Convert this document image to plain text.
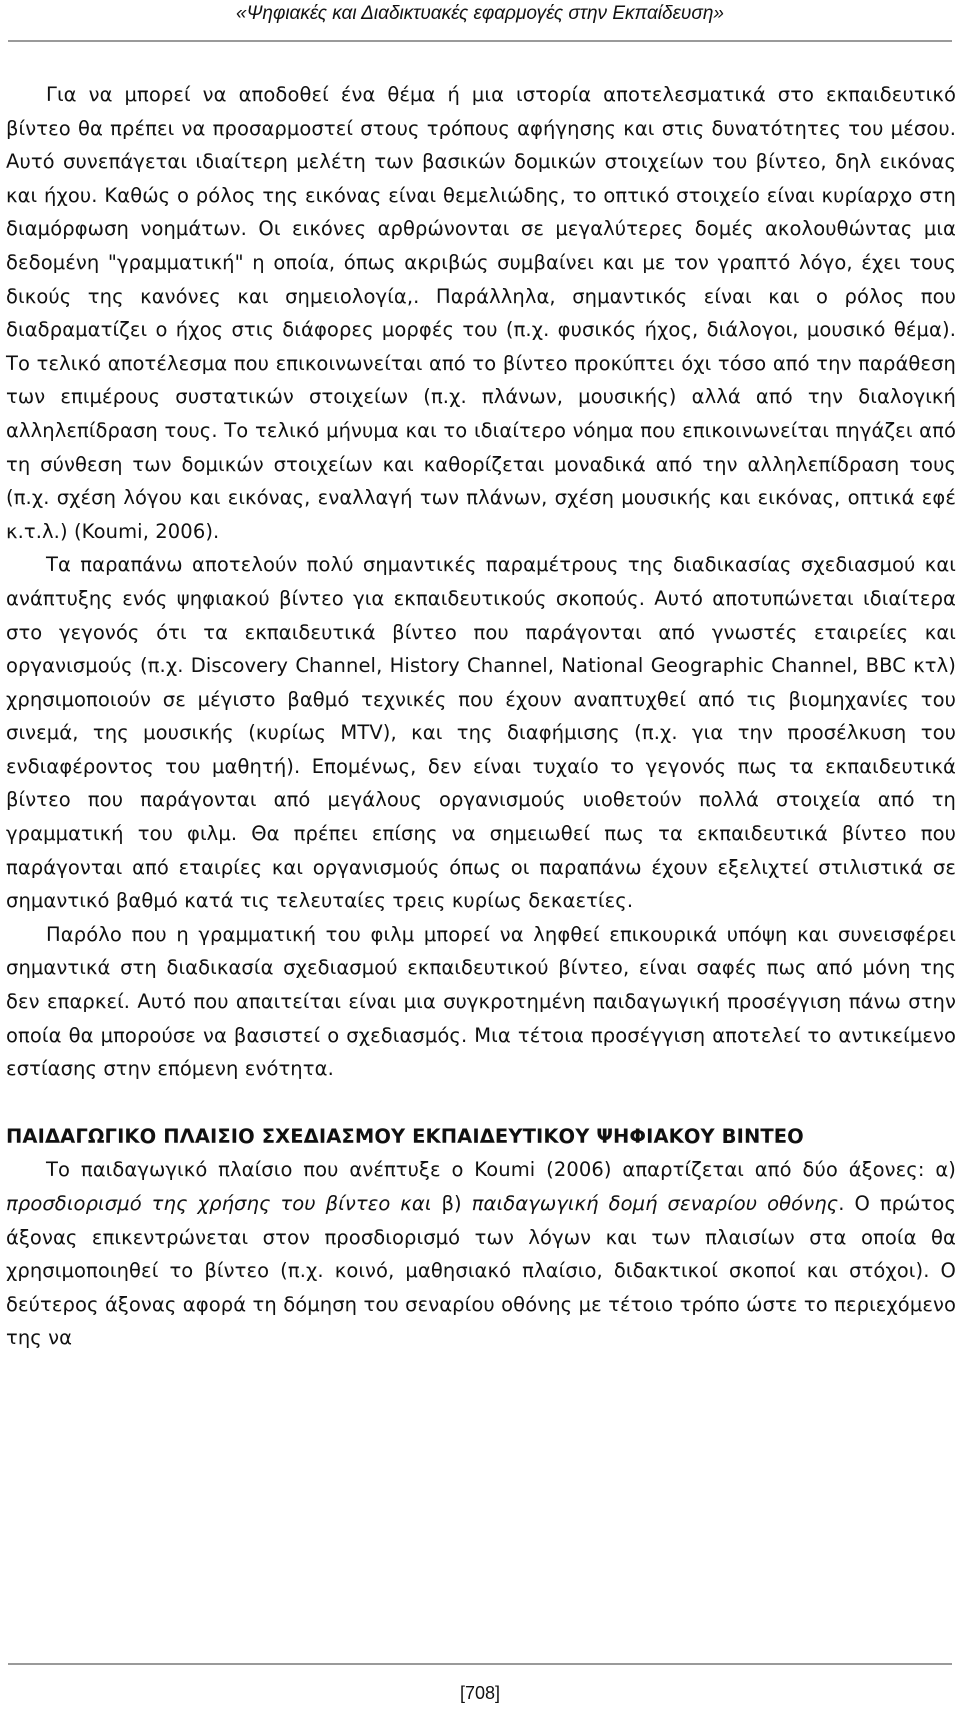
«Ψηφιακές και Διαδικτυακές εφαρμογές στην Εκπαίδευση»

Για να μπορεί να αποδοθεί ένα θέμα ή μια ιστορία αποτελεσματικά στο εκπαιδευτικό βίντεο θα πρέπει να προσαρμοστεί στους τρόπους αφήγησης και στις δυνατότητες του μέσου. Αυτό συνεπάγεται ιδιαίτερη μελέτη των βασικών δομικών στοιχείων του βίντεο, δηλ εικόνας και ήχου. Καθώς ο ρόλος της εικόνας είναι θεμελιώδης, το οπτικό στοιχείο είναι κυρίαρχο στη διαμόρφωση νοημάτων. Οι εικόνες αρθρώνονται σε μεγαλύτερες δομές ακολουθώντας μια δεδομένη "γραμματική" η οποία, όπως ακριβώς συμβαίνει και με τον γραπτό λόγο, έχει τους δικούς της κανόνες και σημειολογία,. Παράλληλα, σημαντικός είναι και ο ρόλος που διαδραματίζει ο ήχος στις διάφορες μορφές του (π.χ. φυσικός ήχος, διάλογοι, μουσικό θέμα). Το τελικό αποτέλεσμα που επικοινωνείται από το βίντεο προκύπτει όχι τόσο από την παράθεση των επιμέρους συστατικών στοιχείων (π.χ. πλάνων, μουσικής) αλλά από την διαλογική αλληλεπίδραση τους. Το τελικό μήνυμα και το ιδιαίτερο νόημα που επικοινωνείται πηγάζει από τη σύνθεση των δομικών στοιχείων και καθορίζεται μοναδικά από την αλληλεπίδραση τους (π.χ. σχέση λόγου και εικόνας, εναλλαγή των πλάνων, σχέση μουσικής και εικόνας, οπτικά εφέ κ.τ.λ.) (Koumi, 2006).

Τα παραπάνω αποτελούν πολύ σημαντικές παραμέτρους της διαδικασίας σχεδιασμού και ανάπτυξης ενός ψηφιακού βίντεο για εκπαιδευτικούς σκοπούς. Αυτό αποτυπώνεται ιδιαίτερα στο γεγονός ότι τα εκπαιδευτικά βίντεο που παράγονται από γνωστές εταιρείες και οργανισμούς (π.χ. Discovery Channel, History Channel, National Geographic Channel, BBC κτλ) χρησιμοποιούν σε μέγιστο βαθμό τεχνικές που έχουν αναπτυχθεί από τις βιομηχανίες του σινεμά, της μουσικής (κυρίως MTV), και της διαφήμισης (π.χ. για την προσέλκυση του ενδιαφέροντος του μαθητή). Επομένως, δεν είναι τυχαίο το γεγονός πως τα εκπαιδευτικά βίντεο που παράγονται από μεγάλους οργανισμούς υιοθετούν πολλά στοιχεία από τη γραμματική του φιλμ. Θα πρέπει επίσης να σημειωθεί πως τα εκπαιδευτικά βίντεο που παράγονται από εταιρίες και οργανισμούς όπως οι παραπάνω έχουν εξελιχτεί στιλιστικά σε σημαντικό βαθμό κατά τις τελευταίες τρεις κυρίως δεκαετίες.

Παρόλο που η γραμματική του φιλμ μπορεί να ληφθεί επικουρικά υπόψη και συνεισφέρει σημαντικά στη διαδικασία σχεδιασμού εκπαιδευτικού βίντεο, είναι σαφές πως από μόνη της δεν επαρκεί. Αυτό που απαιτείται είναι μια συγκροτημένη παιδαγωγική προσέγγιση πάνω στην οποία θα μπορούσε να βασιστεί ο σχεδιασμός. Μια τέτοια προσέγγιση αποτελεί το αντικείμενο εστίασης στην επόμενη ενότητα.

ΠΑΙΔΑΓΩΓΙΚΟ ΠΛΑΙΣΙΟ ΣΧΕΔΙΑΣΜΟΥ ΕΚΠΑΙΔΕΥΤΙΚΟΥ ΨΗΦΙΑΚΟΥ ΒΙΝΤΕΟ

Το παιδαγωγικό πλαίσιο που ανέπτυξε ο Koumi (2006) απαρτίζεται από δύο άξονες: α) προσδιορισμό της χρήσης του βίντεο και β) παιδαγωγική δομή σεναρίου οθόνης. Ο πρώτος άξονας επικεντρώνεται στον προσδιορισμό των λόγων και των πλαισίων στα οποία θα χρησιμοποιηθεί το βίντεο (π.χ. κοινό, μαθησιακό πλαίσιο, διδακτικοί σκοποί και στόχοι). Ο δεύτερος άξονας αφορά τη δόμηση του σεναρίου οθόνης με τέτοιο τρόπο ώστε το περιεχόμενο της να

[708]
